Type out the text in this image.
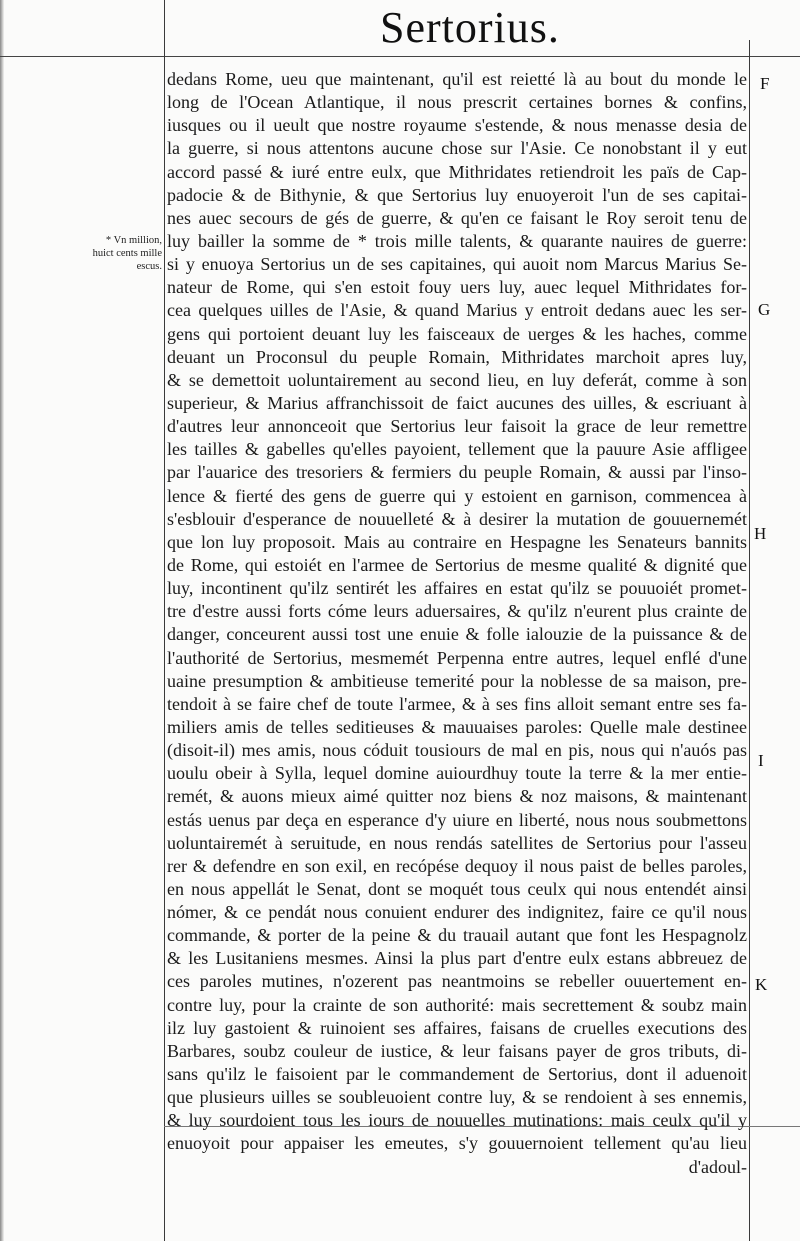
Sertorius.
* Vn million,
huict cents mille
escus.
F
G
H
I
K
dedans Rome, ueu que maintenant, qu'il est reietté là au bout du monde le
long de l'Ocean Atlantique, il nous prescrit certaines bornes & confins,
iusques ou il ueult que nostre royaume s'estende, & nous menasse desia de
la guerre, si nous attentons aucune chose sur l'Asie. Ce nonobstant il y eut
accord passé & iuré entre eulx, que Mithridates retiendroit les païs de Cap-
padocie & de Bithynie, & que Sertorius luy enuoyeroit l'un de ses capitai-
nes auec secours de gés de guerre, & qu'en ce faisant le Roy seroit tenu de
luy bailler la somme de * trois mille talents, & quarante nauires de guerre:
si y enuoya Sertorius un de ses capitaines, qui auoit nom Marcus Marius Se-
nateur de Rome, qui s'en estoit fouy uers luy, auec lequel Mithridates for-
cea quelques uilles de l'Asie, & quand Marius y entroit dedans auec les ser-
gens qui portoient deuant luy les faisceaux de uerges & les haches, comme
deuant un Proconsul du peuple Romain, Mithridates marchoit apres luy,
& se demettoit uoluntairement au second lieu, en luy deferát, comme à son
superieur, & Marius affranchissoit de faict aucunes des uilles, & escriuant à
d'autres leur annonceoit que Sertorius leur faisoit la grace de leur remettre
les tailles & gabelles qu'elles payoient, tellement que la pauure Asie affligee
par l'auarice des tresoriers & fermiers du peuple Romain, & aussi par l'inso-
lence & fierté des gens de guerre qui y estoient en garnison, commencea à
s'esblouir d'esperance de nouuelleté & à desirer la mutation de gouuernemét
que lon luy proposoit. Mais au contraire en Hespagne les Senateurs bannits
de Rome, qui estoiét en l'armee de Sertorius de mesme qualité & dignité que
luy, incontinent qu'ilz sentirét les affaires en estat qu'ilz se pouuoiét promet-
tre d'estre aussi forts cóme leurs aduersaires, & qu'ilz n'eurent plus crainte de
danger, conceurent aussi tost une enuie & folle ialouzie de la puissance & de
l'authorité de Sertorius, mesmemét Perpenna entre autres, lequel enflé d'une
uaine presumption & ambitieuse temerité pour la noblesse de sa maison, pre-
tendoit à se faire chef de toute l'armee, & à ses fins alloit semant entre ses fa-
miliers amis de telles seditieuses & mauuaises paroles: Quelle male destinee
(disoit-il) mes amis, nous códuit tousiours de mal en pis, nous qui n'auós pas
uoulu obeir à Sylla, lequel domine auiourdhuy toute la terre & la mer entie-
remét, & auons mieux aimé quitter noz biens & noz maisons, & maintenant
estás uenus par deça en esperance d'y uiure en liberté, nous nous soubmettons
uoluntairemét à seruitude, en nous rendás satellites de Sertorius pour l'asseu
rer & defendre en son exil, en recópése dequoy il nous paist de belles paroles,
en nous appellát le Senat, dont se moquét tous ceulx qui nous entendét ainsi
nómer, & ce pendát nous conuient endurer des indignitez, faire ce qu'il nous
commande, & porter de la peine & du trauail autant que font les Hespagnolz
& les Lusitaniens mesmes. Ainsi la plus part d'entre eulx estans abbreuez de
ces paroles mutines, n'ozerent pas neantmoins se rebeller ouuertement en-
contre luy, pour la crainte de son authorité: mais secrettement & soubz main
ilz luy gastoient & ruinoient ses affaires, faisans de cruelles executions des
Barbares, soubz couleur de iustice, & leur faisans payer de gros tributs, di-
sans qu'ilz le faisoient par le commandement de Sertorius, dont il aduenoit
que plusieurs uilles se soubleuoient contre luy, & se rendoient à ses ennemis,
& luy sourdoient tous les iours de nouuelles mutinations: mais ceulx qu'il y
enuoyoit pour appaiser les emeutes, s'y gouuernoient tellement qu'au lieu
d'adoul-
